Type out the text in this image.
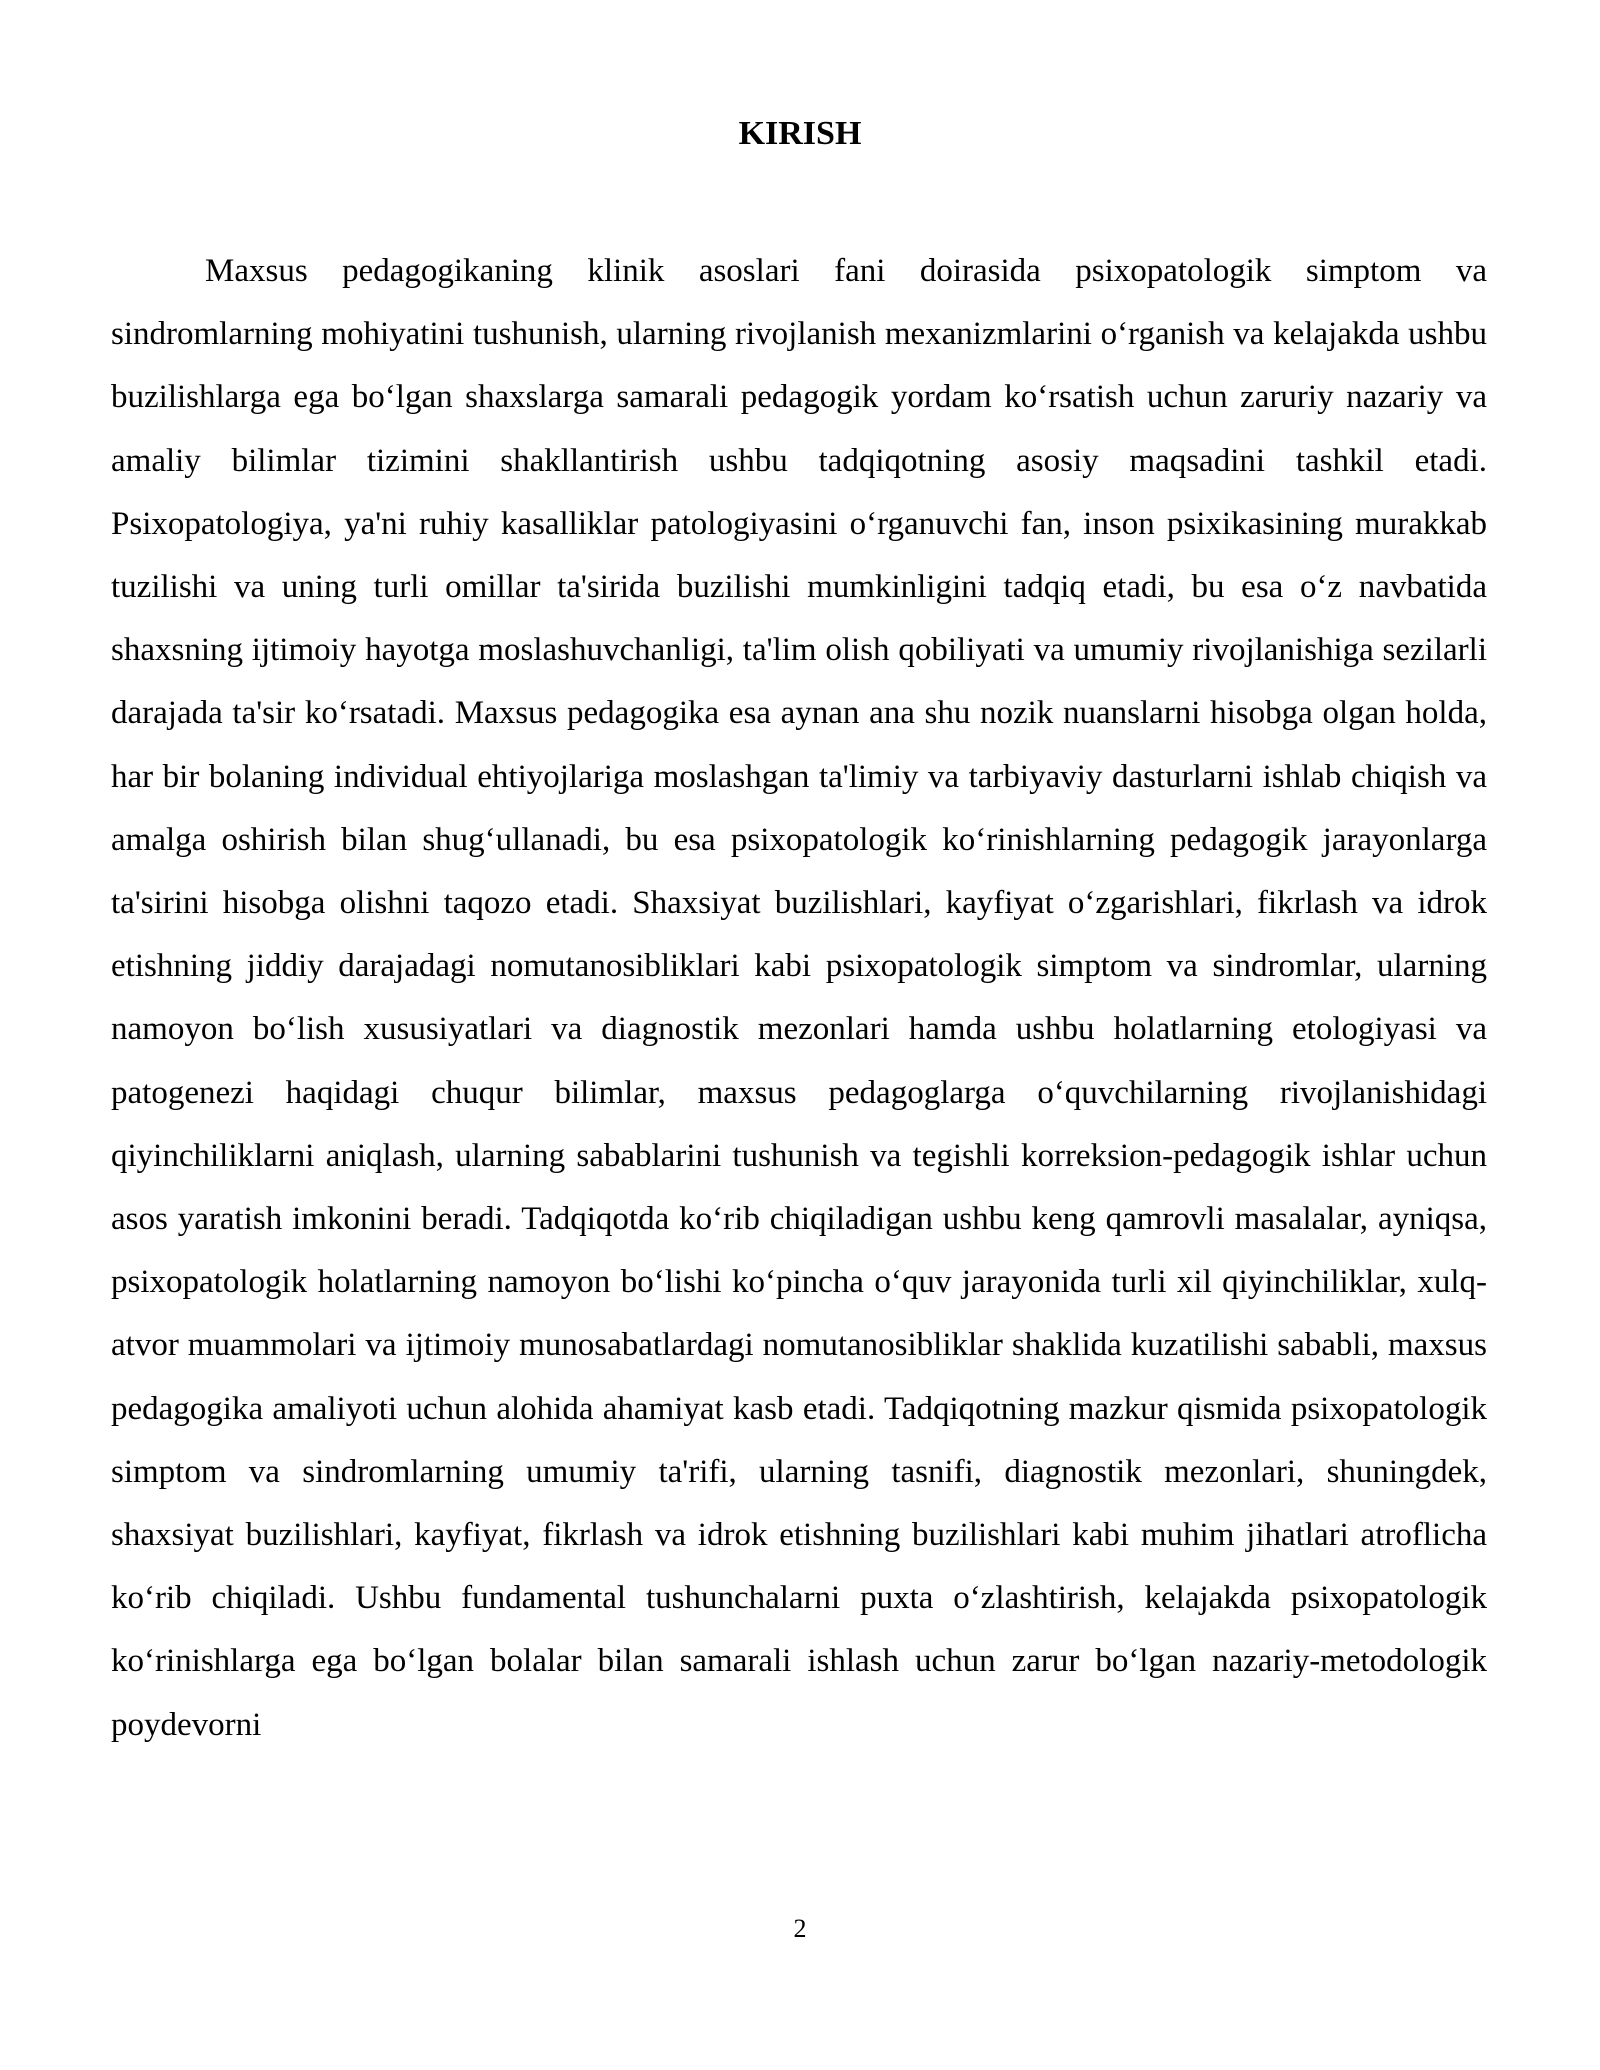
KIRISH

Maxsus pedagogikaning klinik asoslari fani doirasida psixopatologik simptom va sindromlarning mohiyatini tushunish, ularning rivojlanish mexanizmlarini o‘rganish va kelajakda ushbu buzilishlarga ega bo‘lgan shaxslarga samarali pedagogik yordam ko‘rsatish uchun zaruriy nazariy va amaliy bilimlar tizimini shakllantirish ushbu tadqiqotning asosiy maqsadini tashkil etadi. Psixopatologiya, ya'ni ruhiy kasalliklar patologiyasini o‘rganuvchi fan, inson psixikasining murakkab tuzilishi va uning turli omillar ta'sirida buzilishi mumkinligini tadqiq etadi, bu esa o‘z navbatida shaxsning ijtimoiy hayotga moslashuvchanligi, ta'lim olish qobiliyati va umumiy rivojlanishiga sezilarli darajada ta'sir ko‘rsatadi. Maxsus pedagogika esa aynan ana shu nozik nuanslarni hisobga olgan holda, har bir bolaning individual ehtiyojlariga moslashgan ta'limiy va tarbiyaviy dasturlarni ishlab chiqish va amalga oshirish bilan shug‘ullanadi, bu esa psixopatologik ko‘rinishlarning pedagogik jarayonlarga ta'sirini hisobga olishni taqozo etadi. Shaxsiyat buzilishlari, kayfiyat o‘zgarishlari, fikrlash va idrok etishning jiddiy darajadagi nomutanosibliklari kabi psixopatologik simptom va sindromlar, ularning namoyon bo‘lish xususiyatlari va diagnostik mezonlari hamda ushbu holatlarning etologiyasi va patogenezi haqidagi chuqur bilimlar, maxsus pedagoglarga o‘quvchilarning rivojlanishidagi qiyinchiliklarni aniqlash, ularning sabablarini tushunish va tegishli korreksion-pedagogik ishlar uchun asos yaratish imkonini beradi. Tadqiqotda ko‘rib chiqiladigan ushbu keng qamrovli masalalar, ayniqsa, psixopatologik holatlarning namoyon bo‘lishi ko‘pincha o‘quv jarayonida turli xil qiyinchiliklar, xulq-atvor muammolari va ijtimoiy munosabatlardagi nomutanosibliklar shaklida kuzatilishi sababli, maxsus pedagogika amaliyoti uchun alohida ahamiyat kasb etadi. Tadqiqotning mazkur qismida psixopatologik simptom va sindromlarning umumiy ta'rifi, ularning tasnifi, diagnostik mezonlari, shuningdek, shaxsiyat buzilishlari, kayfiyat, fikrlash va idrok etishning buzilishlari kabi muhim jihatlari atroflicha ko‘rib chiqiladi. Ushbu fundamental tushunchalarni puxta o‘zlashtirish, kelajakda psixopatologik ko‘rinishlarga ega bo‘lgan bolalar bilan samarali ishlash uchun zarur bo‘lgan nazariy-metodologik poydevorni

2
